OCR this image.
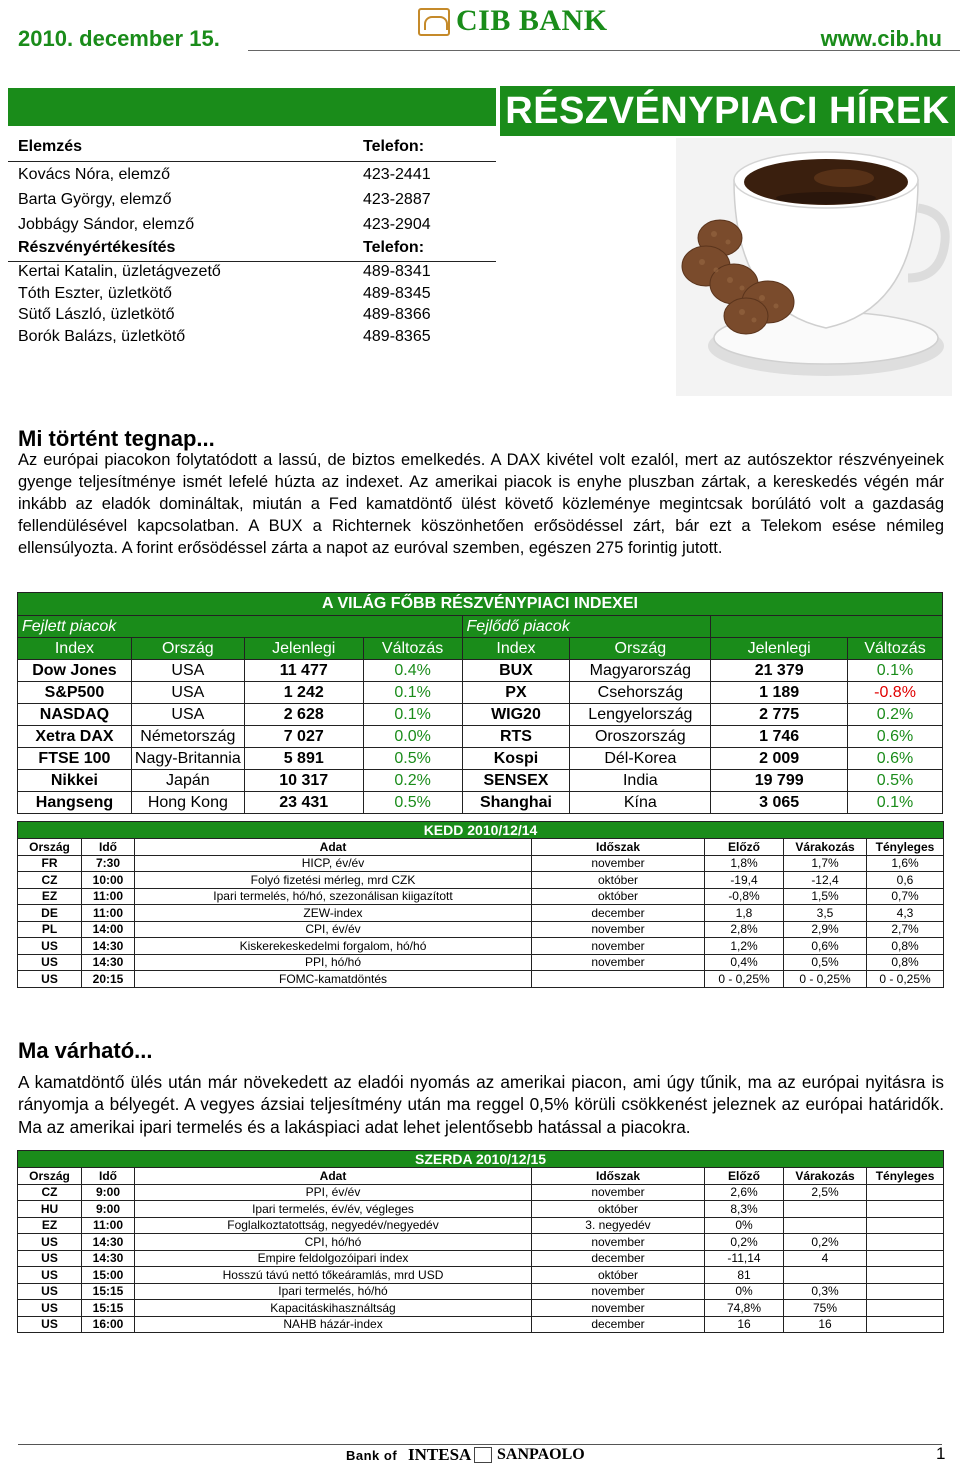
2010. december 15.
CIB BANK
www.cib.hu
RÉSZVÉNYPIACI HÍREK
Elemzés	Telefon:
Kovács Nóra, elemző	423-2441
Barta György, elemző	423-2887
Jobbágy Sándor, elemző	423-2904
Részvényértékesítés	Telefon:
Kertai Katalin, üzletágvezető	489-8341
Tóth Eszter, üzletkötő	489-8345
Sütő László, üzletkötő	489-8366
Borók Balázs, üzletkötő	489-8365
Mi történt tegnap...
Az európai piacokon folytatódott a lassú, de biztos emelkedés. A DAX kivétel volt ezalól, mert az autószektor részvényeinek gyenge teljesítménye ismét lefelé húzta az indexet. Az amerikai piacok is enyhe pluszban zártak, a kereskedés végén már inkább az eladók domináltak, miután a Fed kamatdöntő ülést követő közleménye megintcsak borúlátó volt a gazdaság fellendülésével kapcsolatban. A BUX a Richternek köszönhetően erősödéssel zárt, bár ezt a Telekom esése némileg ellensúlyozta. A forint erősödéssel zárta a napot az euróval szemben, egészen 275 forintig jutott.
A VILÁG FŐBB RÉSZVÉNYPIACI INDEXEI							
Fejlett piacok				Fejlődő piacok			
Index	Ország	Jelenlegi	Változás	Index	Ország	Jelenlegi	Változás
Dow Jones	USA	11 477	0.4%	BUX	Magyarország	21 379	0.1%
S&P500	USA	1 242	0.1%	PX	Csehország	1 189	-0.8%
NASDAQ	USA	2 628	0.1%	WIG20	Lengyelország	2 775	0.2%
Xetra DAX	Németország	7 027	0.0%	RTS	Oroszország	1 746	0.6%
FTSE 100	Nagy-Britannia	5 891	0.5%	Kospi	Dél-Korea	2 009	0.6%
Nikkei	Japán	10 317	0.2%	SENSEX	India	19 799	0.5%
Hangseng	Hong Kong	23 431	0.5%	Shanghai	Kína	3 065	0.1%
KEDD 2010/12/14						
Ország	Idő	Adat	Időszak	Előző	Várakozás	Tényleges
FR	7:30	HICP, év/év	november	1,8%	1,7%	1,6%
CZ	10:00	Folyó fizetési mérleg, mrd CZK	október	-19,4	-12,4	0,6
EZ	11:00	Ipari termelés, hó/hó, szezonálisan kiigazított	október	-0,8%	1,5%	0,7%
DE	11:00	ZEW-index	december	1,8	3,5	4,3
PL	14:00	CPI, év/év	november	2,8%	2,9%	2,7%
US	14:30	Kiskerekeskedelmi forgalom, hó/hó	november	1,2%	0,6%	0,8%
US	14:30	PPI, hó/hó	november	0,4%	0,5%	0,8%
US	20:15	FOMC-kamatdöntés		0 - 0,25%	0 - 0,25%	0 - 0,25%
Ma várható...
A kamatdöntő ülés után már növekedett az eladói nyomás az amerikai piacon, ami úgy tűnik, ma az európai nyitásra is rányomja a bélyegét. A vegyes ázsiai teljesítmény után ma reggel 0,5% körüli csökkenést jeleznek az európai határidők. Ma az amerikai ipari termelés és a lakáspiaci adat lehet jelentősebb hatással a piacokra.
SZERDA 2010/12/15						
Ország	Idő	Adat	Időszak	Előző	Várakozás	Tényleges
CZ	9:00	PPI, év/év	november	2,6%	2,5%	
HU	9:00	Ipari termelés, év/év, végleges	október	8,3%		
EZ	11:00	Foglalkoztatottság, negyedév/negyedév	3. negyedév	0%		
US	14:30	CPI, hó/hó	november	0,2%	0,2%	
US	14:30	Empire feldolgozóipari index	december	-11,14	4	
US	15:00	Hosszú távú nettó tőkeáramlás, mrd USD	október	81		
US	15:15	Ipari termelés, hó/hó	november	0%	0,3%	
US	15:15	Kapacitáskihasználtság	november	74,8%	75%	
US	16:00	NAHB házár-index	december	16	16	
Bank of INTESA SANPAOLO	1
